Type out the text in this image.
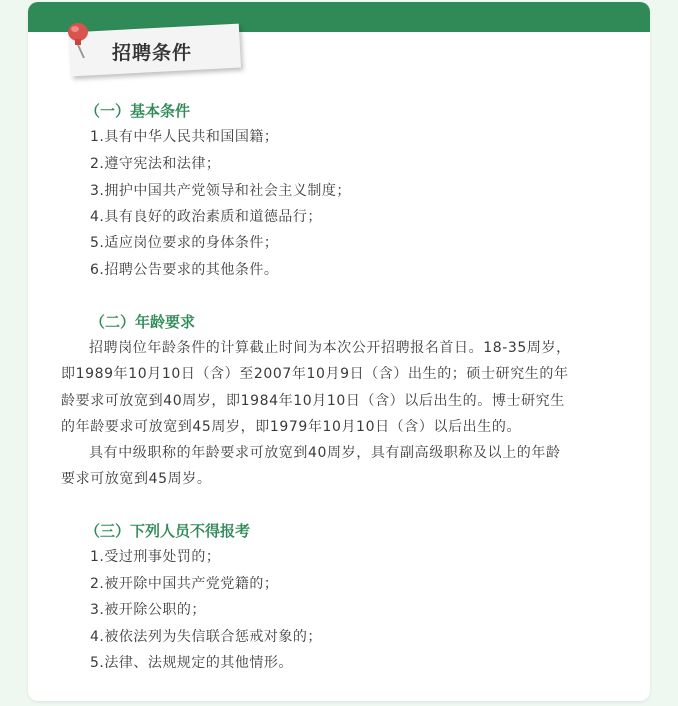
招聘条件
（一）基本条件
1.具有中华人民共和国国籍；
2.遵守宪法和法律；
3.拥护中国共产党领导和社会主义制度；
4.具有良好的政治素质和道德品行；
5.适应岗位要求的身体条件；
6.招聘公告要求的其他条件。
（二）年龄要求
招聘岗位年龄条件的计算截止时间为本次公开招聘报名首日。18-35周岁，
即1989年10月10日（含）至2007年10月9日（含）出生的；硕士研究生的年
龄要求可放宽到40周岁，即1984年10月10日（含）以后出生的。博士研究生
的年龄要求可放宽到45周岁，即1979年10月10日（含）以后出生的。
具有中级职称的年龄要求可放宽到40周岁，具有副高级职称及以上的年龄
要求可放宽到45周岁。
（三）下列人员不得报考
1.受过刑事处罚的；
2.被开除中国共产党党籍的；
3.被开除公职的；
4.被依法列为失信联合惩戒对象的；
5.法律、法规规定的其他情形。
